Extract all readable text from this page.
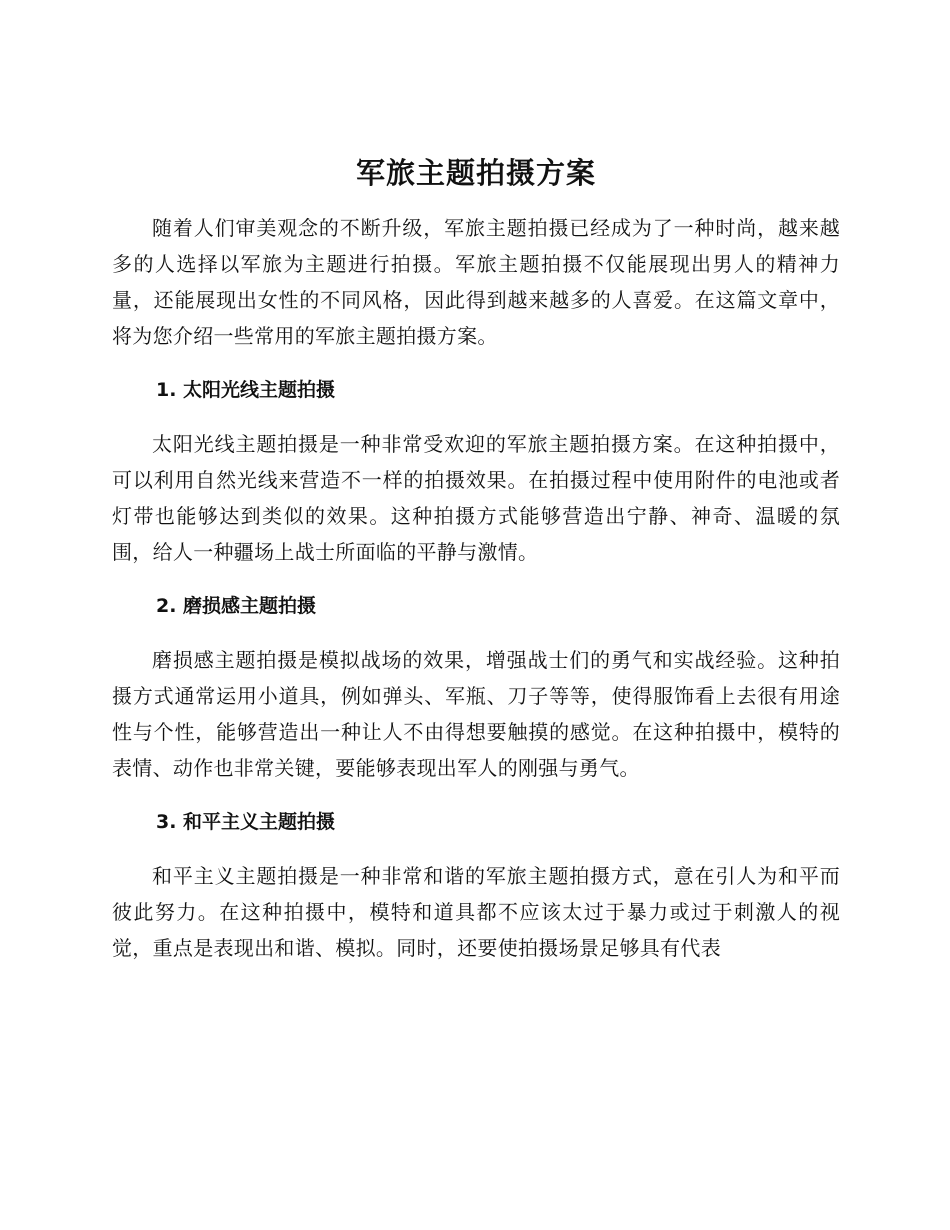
军旅主题拍摄方案

随着人们审美观念的不断升级，军旅主题拍摄已经成为了一种时尚，越来越多的人选择以军旅为主题进行拍摄。军旅主题拍摄不仅能展现出男人的精神力量，还能展现出女性的不同风格，因此得到越来越多的人喜爱。在这篇文章中，将为您介绍一些常用的军旅主题拍摄方案。

1. 太阳光线主题拍摄

太阳光线主题拍摄是一种非常受欢迎的军旅主题拍摄方案。在这种拍摄中，可以利用自然光线来营造不一样的拍摄效果。在拍摄过程中使用附件的电池或者灯带也能够达到类似的效果。这种拍摄方式能够营造出宁静、神奇、温暖的氛围，给人一种疆场上战士所面临的平静与激情。

2. 磨损感主题拍摄

磨损感主题拍摄是模拟战场的效果，增强战士们的勇气和实战经验。这种拍摄方式通常运用小道具，例如弹头、军瓶、刀子等等，使得服饰看上去很有用途性与个性，能够营造出一种让人不由得想要触摸的感觉。在这种拍摄中，模特的表情、动作也非常关键，要能够表现出军人的刚强与勇气。

3. 和平主义主题拍摄

和平主义主题拍摄是一种非常和谐的军旅主题拍摄方式，意在引人为和平而彼此努力。在这种拍摄中，模特和道具都不应该太过于暴力或过于刺激人的视觉，重点是表现出和谐、模拟。同时，还要使拍摄场景足够具有代表
